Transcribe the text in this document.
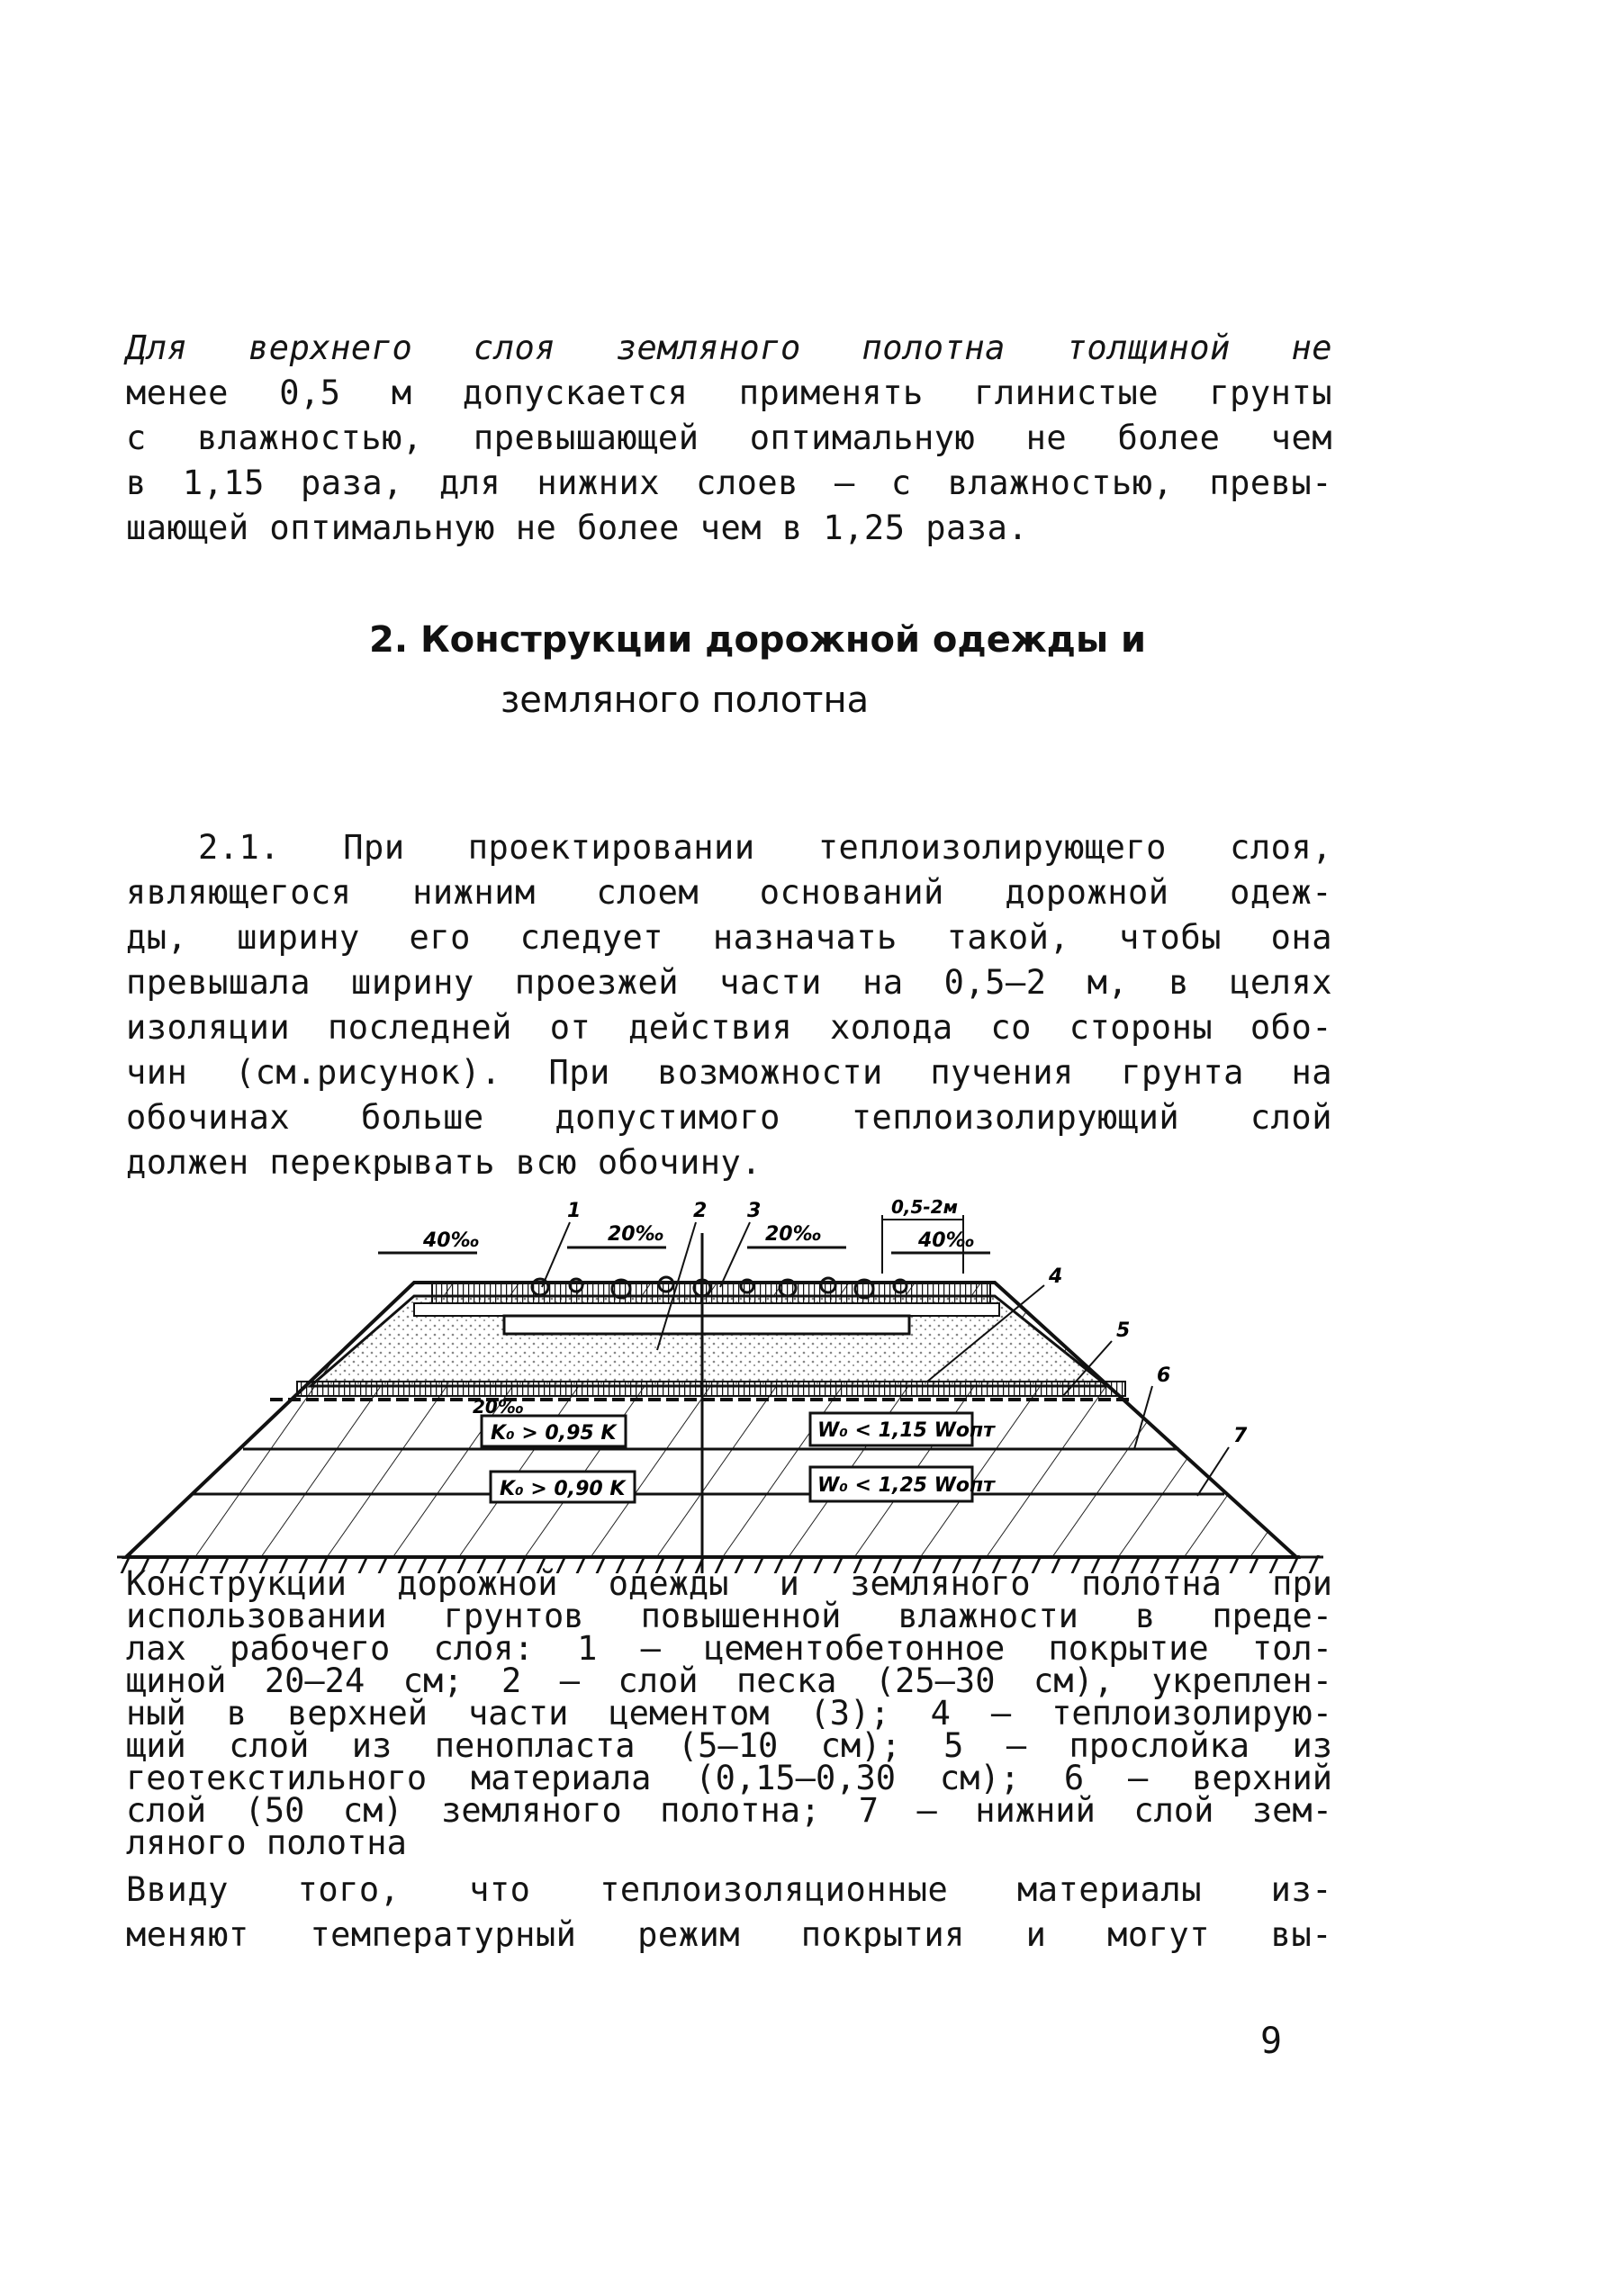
Для верхнего слоя земляного полотна толщиной не
менее 0,5 м допускается применять глинистые грунты
с влажностью, превышающей оптимальную не более чем
в 1,15 раза, для нижних слоев – с влажностью, превы-
шающей оптимальную не более чем в 1,25 раза.
2. Конструкции дорожной одежды и
земляного полотна
2.1. При проектировании теплоизолирующего слоя,
являющегося нижним слоем оснований дорожной одеж-
ды, ширину его следует назначать такой, чтобы она
превышала ширину проезжей части на 0,5–2 м, в целях
изоляции последней от действия холода со стороны обо-
чин (см.рисунок). При возможности пучения грунта на
обочинах больше допустимого теплоизолирующий слой
должен перекрывать всю обочину.
K₀ > 0,95 K
K₀ > 0,90 K
W₀ < 1,15 Wопт
W₀ < 1,25 Wопт
40‰	20‰	20‰	40‰
20‰
0,5-2м
1	2 3
4
5
6
7
Конструкции дорожной одежды и земляного полотна при
использовании грунтов повышенной влажности в преде-
лах рабочего слоя: 1 – цементобетонное покрытие тол-
щиной 20–24 см; 2 – слой песка (25–30 см), укреплен-
ный в верхней части цементом (3); 4 – теплоизолирую-
щий слой из пенопласта (5–10 см); 5 – прослойка из
геотекстильного материала (0,15–0,30 см); 6 – верхний
слой (50 см) земляного полотна; 7 – нижний слой зем-
ляного полотна
Ввиду того, что теплоизоляционные материалы из-
меняют температурный режим покрытия и могут вы-
9
